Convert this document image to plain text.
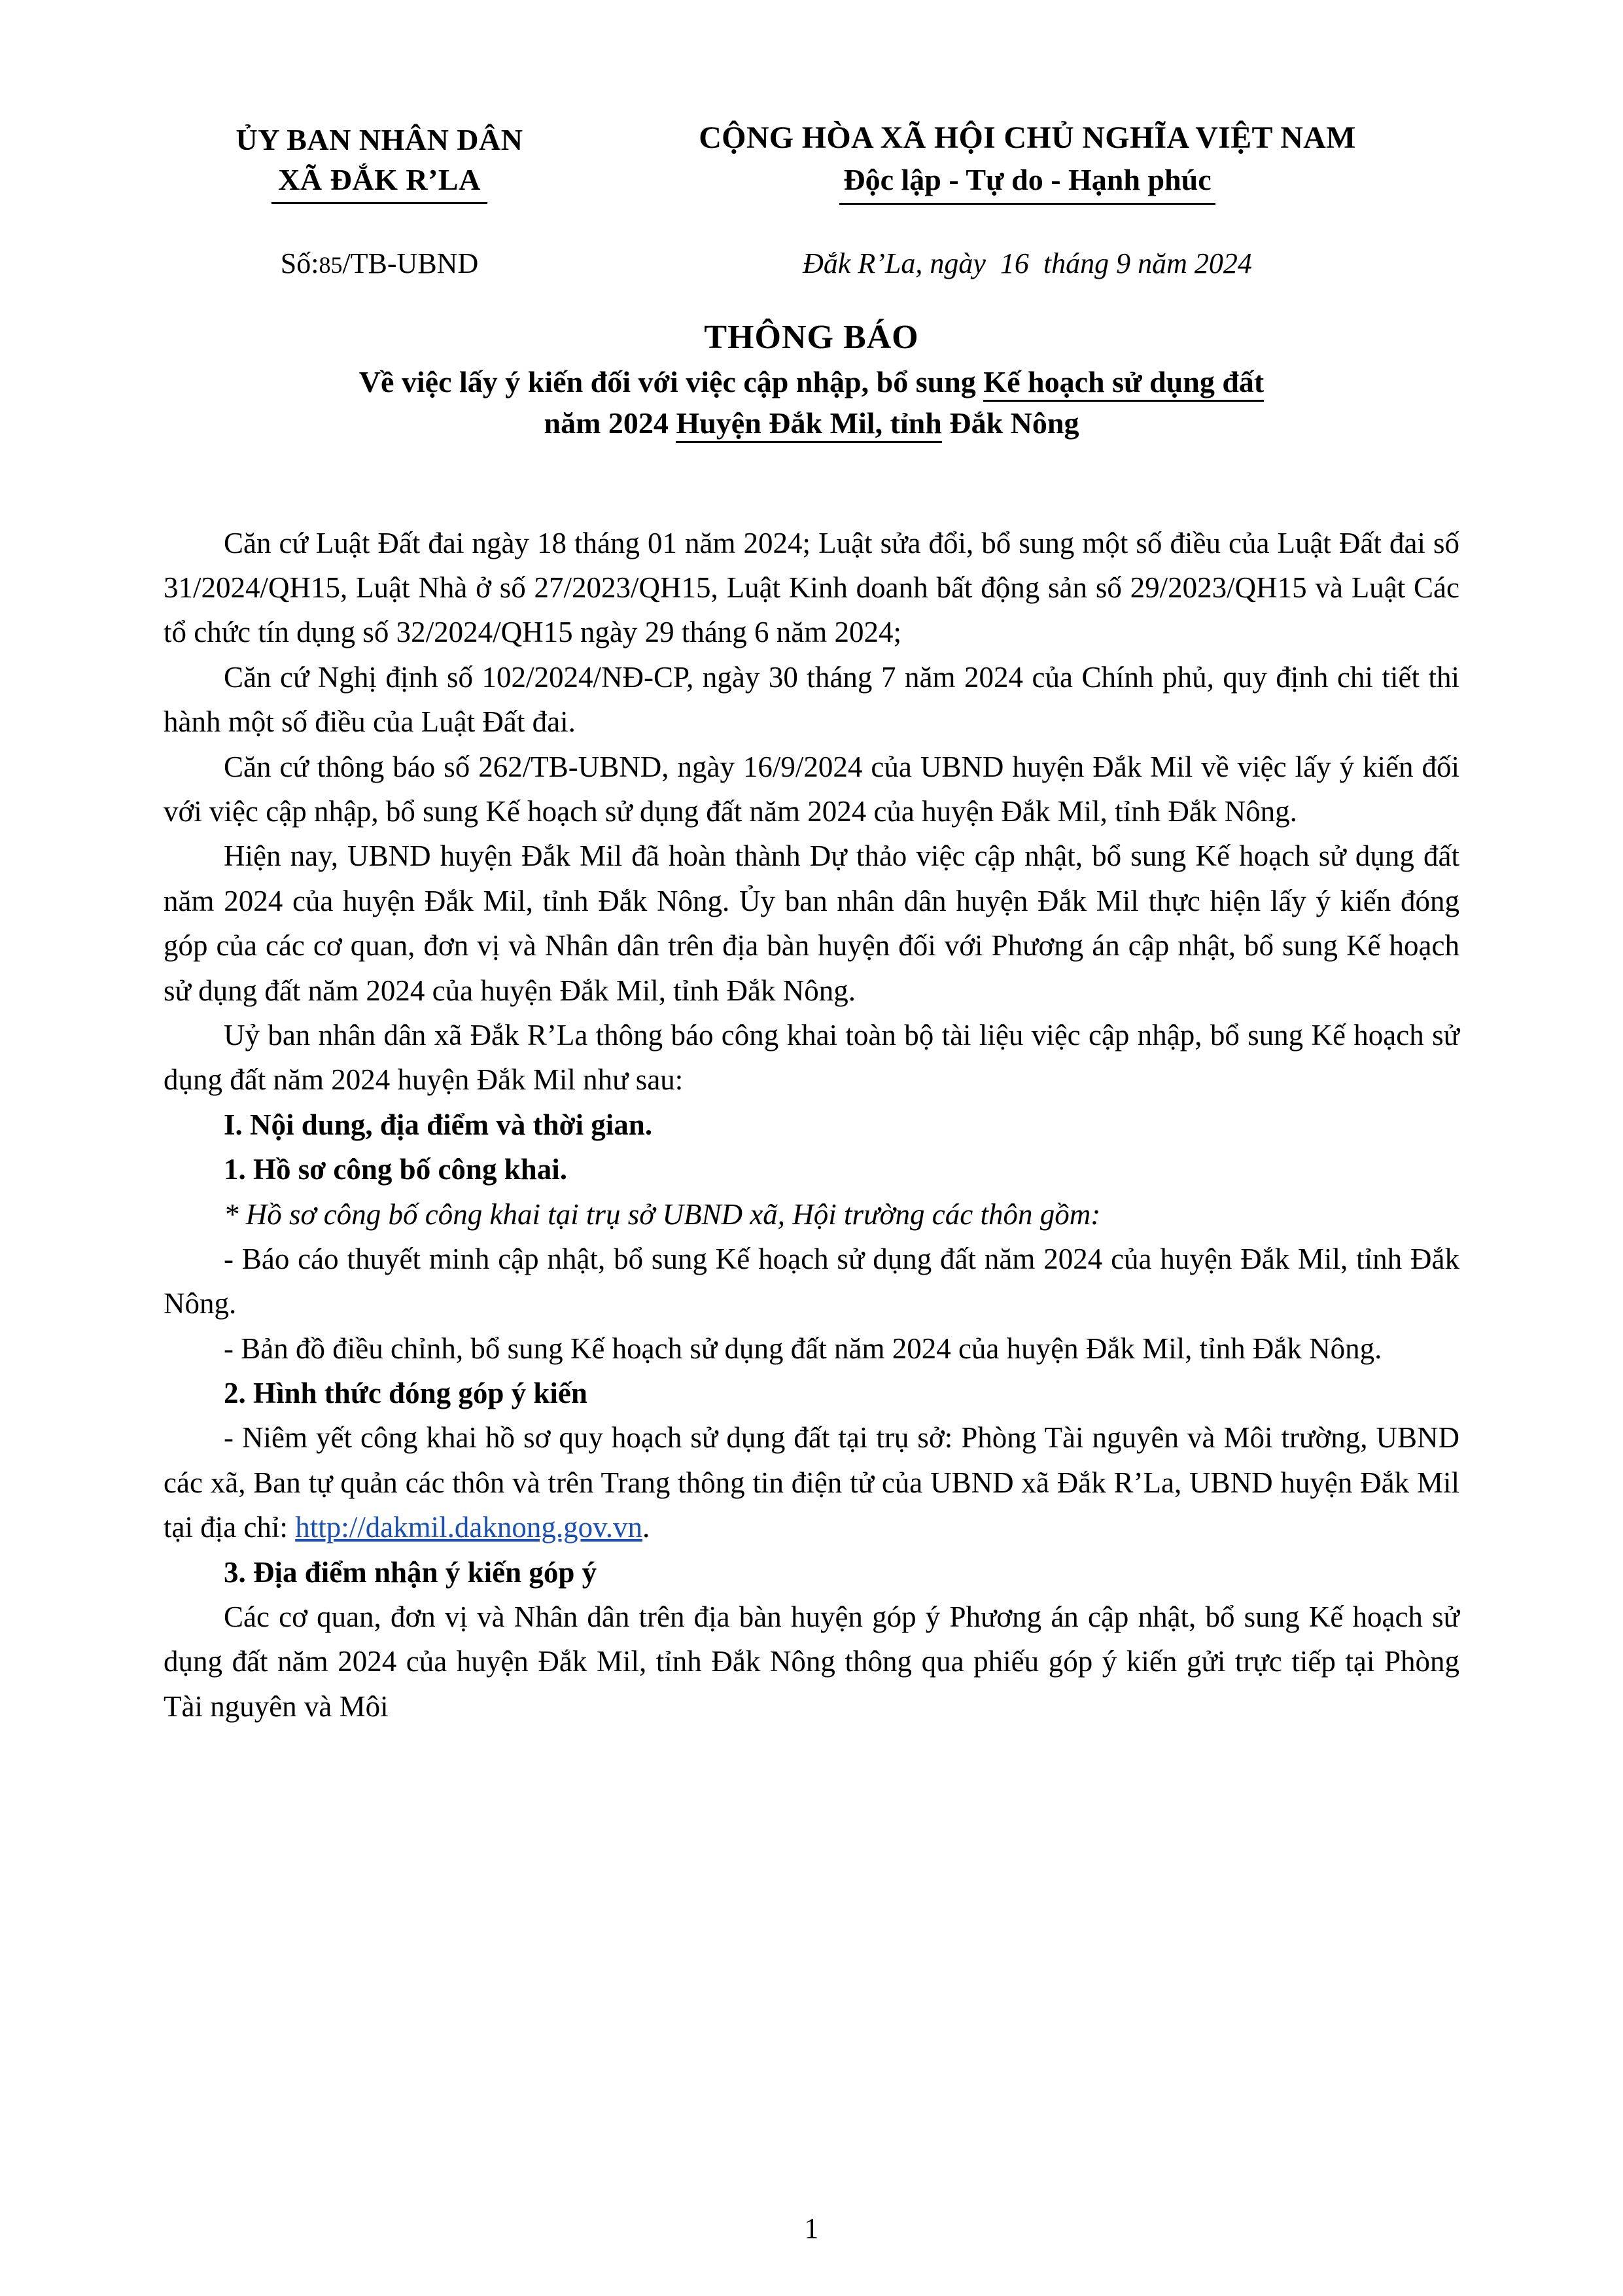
ỦY BAN NHÂN DÂN
XÃ ĐẮK R’LA
CỘNG HÒA XÃ HỘI CHỦ NGHĨA VIỆT NAM
Độc lập - Tự do - Hạnh phúc
Số:85/TB-UBND	Đắk R’La, ngày  16  tháng 9 năm 2024
THÔNG BÁO
Về việc lấy ý kiến đối với việc cập nhập, bổ sung Kế hoạch sử dụng đất
năm 2024 Huyện Đắk Mil, tỉnh Đắk Nông

Căn cứ Luật Đất đai ngày 18 tháng 01 năm 2024; Luật sửa đổi, bổ sung một số điều của Luật Đất đai số 31/2024/QH15, Luật Nhà ở số 27/2023/QH15, Luật Kinh doanh bất động sản số 29/2023/QH15 và Luật Các tổ chức tín dụng số 32/2024/QH15 ngày 29 tháng 6 năm 2024;

Căn cứ Nghị định số 102/2024/NĐ-CP, ngày 30 tháng 7 năm 2024 của Chính phủ, quy định chi tiết thi hành một số điều của Luật Đất đai.

Căn cứ thông báo số 262/TB-UBND, ngày 16/9/2024 của UBND huyện Đắk Mil về việc lấy ý kiến đối với việc cập nhập, bổ sung Kế hoạch sử dụng đất năm 2024 của huyện Đắk Mil, tỉnh Đắk Nông.

Hiện nay, UBND huyện Đắk Mil đã hoàn thành Dự thảo việc cập nhật, bổ sung Kế hoạch sử dụng đất năm 2024 của huyện Đắk Mil, tỉnh Đắk Nông. Ủy ban nhân dân huyện Đắk Mil thực hiện lấy ý kiến đóng góp của các cơ quan, đơn vị và Nhân dân trên địa bàn huyện đối với Phương án cập nhật, bổ sung Kế hoạch sử dụng đất năm 2024 của huyện Đắk Mil, tỉnh Đắk Nông.

Uỷ ban nhân dân xã Đắk R’La thông báo công khai toàn bộ tài liệu việc cập nhập, bổ sung Kế hoạch sử dụng đất năm 2024 huyện Đắk Mil như sau:

I. Nội dung, địa điểm và thời gian.

1. Hồ sơ công bố công khai.

* Hồ sơ công bố công khai tại trụ sở UBND xã, Hội trường các thôn gồm:

- Báo cáo thuyết minh cập nhật, bổ sung Kế hoạch sử dụng đất năm 2024 của huyện Đắk Mil, tỉnh Đắk Nông.

- Bản đồ điều chỉnh, bổ sung Kế hoạch sử dụng đất năm 2024 của huyện Đắk Mil, tỉnh Đắk Nông.

2. Hình thức đóng góp ý kiến

- Niêm yết công khai hồ sơ quy hoạch sử dụng đất tại trụ sở: Phòng Tài nguyên và Môi trường, UBND các xã, Ban tự quản các thôn và trên Trang thông tin điện tử của UBND xã Đắk R’La, UBND huyện Đắk Mil tại địa chỉ: http://dakmil.daknong.gov.vn.

3. Địa điểm nhận ý kiến góp ý

Các cơ quan, đơn vị và Nhân dân trên địa bàn huyện góp ý Phương án cập nhật, bổ sung Kế hoạch sử dụng đất năm 2024 của huyện Đắk Mil, tỉnh Đắk Nông thông qua phiếu góp ý kiến gửi trực tiếp tại Phòng Tài nguyên và Môi

1
